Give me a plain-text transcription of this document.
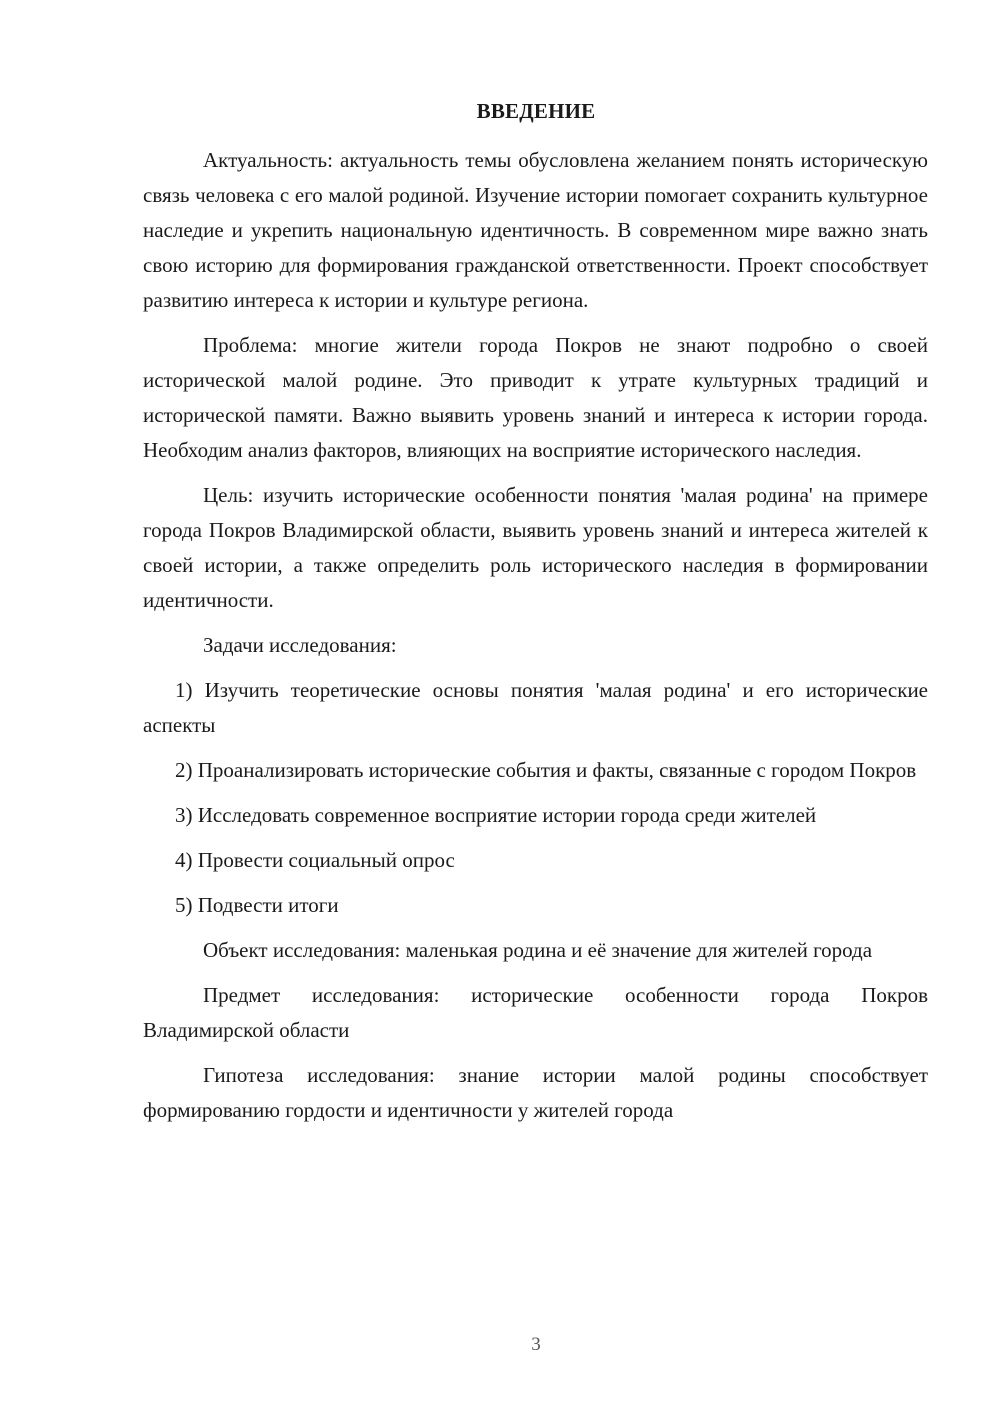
ВВЕДЕНИЕ

Актуальность: актуальность темы обусловлена желанием понять историческую связь человека с его малой родиной. Изучение истории помогает сохранить культурное наследие и укрепить национальную идентичность. В современном мире важно знать свою историю для формирования гражданской ответственности. Проект способствует развитию интереса к истории и культуре региона.

Проблема: многие жители города Покров не знают подробно о своей исторической малой родине. Это приводит к утрате культурных традиций и исторической памяти. Важно выявить уровень знаний и интереса к истории города. Необходим анализ факторов, влияющих на восприятие исторического наследия.

Цель: изучить исторические особенности понятия 'малая родина' на примере города Покров Владимирской области, выявить уровень знаний и интереса жителей к своей истории, а также определить роль исторического наследия в формировании идентичности.

Задачи исследования:

1) Изучить теоретические основы понятия 'малая родина' и его исторические аспекты

2) Проанализировать исторические события и факты, связанные с городом Покров

3) Исследовать современное восприятие истории города среди жителей

4) Провести социальный опрос

5) Подвести итоги

Объект исследования: маленькая родина и её значение для жителей города

Предмет исследования: исторические особенности города Покров Владимирской области

Гипотеза исследования: знание истории малой родины способствует формированию гордости и идентичности у жителей города

3
